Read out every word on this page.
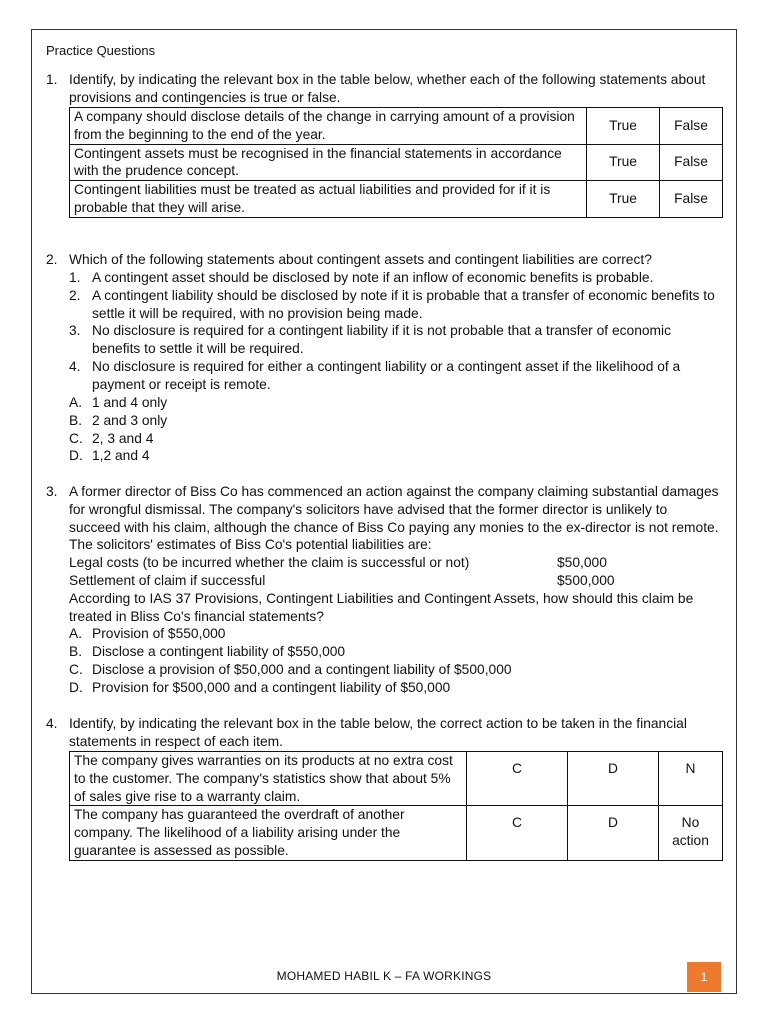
Practice Questions
1. Identify, by indicating the relevant box in the table below, whether each of the following statements about provisions and contingencies is true or false.
A company should disclose details of the change in carrying amount of a provision from the beginning to the end of the year.	True	False
Contingent assets must be recognised in the financial statements in accordance with the prudence concept.	True	False
Contingent liabilities must be treated as actual liabilities and provided for if it is probable that they will arise.	True	False
2. Which of the following statements about contingent assets and contingent liabilities are correct?
1. A contingent asset should be disclosed by note if an inflow of economic benefits is probable.
2. A contingent liability should be disclosed by note if it is probable that a transfer of economic benefits to settle it will be required, with no provision being made.
3. No disclosure is required for a contingent liability if it is not probable that a transfer of economic benefits to settle it will be required.
4. No disclosure is required for either a contingent liability or a contingent asset if the likelihood of a payment or receipt is remote.
A. 1 and 4 only
B. 2 and 3 only
C. 2, 3 and 4
D. 1,2 and 4
3. A former director of Biss Co has commenced an action against the company claiming substantial damages for wrongful dismissal. The company's solicitors have advised that the former director is unlikely to succeed with his claim, although the chance of Biss Co paying any monies to the ex-director is not remote. The solicitors' estimates of Biss Co's potential liabilities are:
Legal costs (to be incurred whether the claim is successful or not)	$50,000
Settlement of claim if successful	$500,000
According to IAS 37 Provisions, Contingent Liabilities and Contingent Assets, how should this claim be treated in Bliss Co's financial statements?
A. Provision of $550,000
B. Disclose a contingent liability of $550,000
C. Disclose a provision of $50,000 and a contingent liability of $500,000
D. Provision for $500,000 and a contingent liability of $50,000
4. Identify, by indicating the relevant box in the table below, the correct action to be taken in the financial statements in respect of each item.
The company gives warranties on its products at no extra cost to the customer. The company's statistics show that about 5% of sales give rise to a warranty claim.	C	D	N
The company has guaranteed the overdraft of another company. The likelihood of a liability arising under the guarantee is assessed as possible.	C	D	No action
MOHAMED HABIL K – FA WORKINGS	1
